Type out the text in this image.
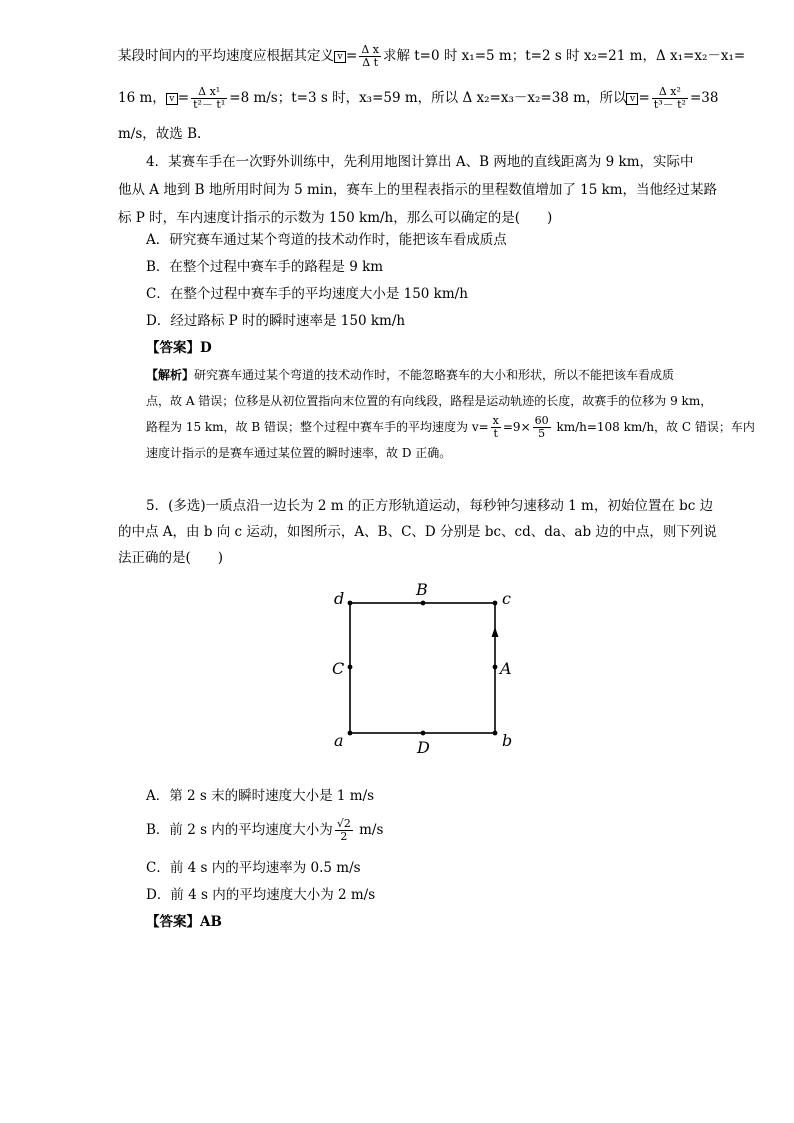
某段时间内的平均速度应根据其定义 $v = \frac{\text{Δ x}}{\text{Δ t}}$ 求解 t=0 时 x₁=5 m；t=2 s 时 x₂=21 m，Δ x₁=x₂－x₁=
16 m， $v = \frac{\text{Δ x¹}}{\text{t²－ t¹}} =8$ m/s；t=3 s 时，x₃=59 m，所以 Δ x₂=x₃－x₂=38 m，所以 $v = \frac{\text{Δ x²}}{\text{t³－ t²}} =38$
m/s，故选 B.
4．某赛车手在一次野外训练中，先利用地图计算出 A、B 两地的直线距离为 9 km，实际中
他从 A 地到 B 地所用时间为 5 min，赛车上的里程表指示的里程数值增加了 15 km，当他经过某路
标 P 时，车内速度计指示的示数为 150 km/h，那么可以确定的是(　　)
A．研究赛车通过某个弯道的技术动作时，能把该车看成质点
B．在整个过程中赛车手的路程是 9 km
C．在整个过程中赛车手的平均速度大小是 150 km/h
D．经过路标 P 时的瞬时速率是 150 km/h
【答案】D
【解析】研究赛车通过某个弯道的技术动作时，不能忽略赛车的大小和形状，所以不能把该车看成质
点，故 A 错误；位移是从初位置指向末位置的有向线段，路程是运动轨迹的长度，故赛手的位移为 9 km，
路程为 15 km，故 B 错误；整个过程中赛车手的平均速度为 $v= \frac{x}{t} =9\times \frac{60}{5} km/h=108$ km/h，故 C 错误；车内
速度计指示的是赛车通过某位置的瞬时速率，故 D 正确。
5．(多选)一质点沿一边长为 2 m 的正方形轨道运动，每秒钟匀速移动 1 m，初始位置在 bc 边
的中点 A，由 b 向 c 运动，如图所示，A、B、C、D 分别是 bc、cd、da、ab 边的中点，则下列说
法正确的是(　　)
d	B	c
C	A
a	D	b
A．第 2 s 末的瞬时速度大小是 1 m/s
B．前 2 s 内的平均速度大小为 $\frac{√2}{2} m/s$
C．前 4 s 内的平均速率为 0.5 m/s
D．前 4 s 内的平均速度大小为 2 m/s
【答案】AB
